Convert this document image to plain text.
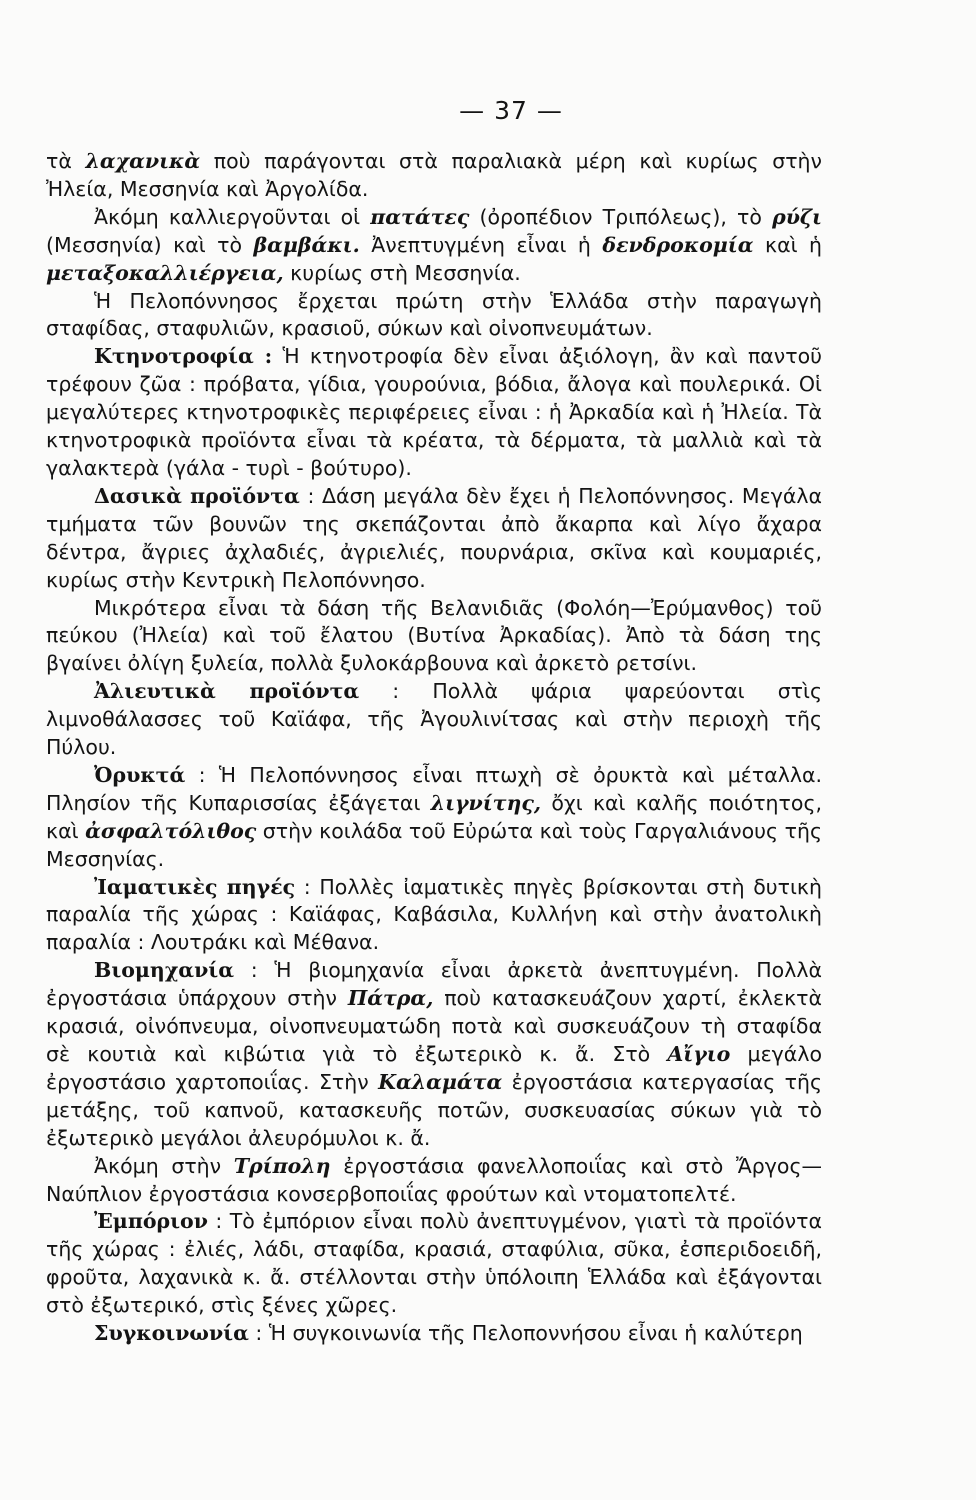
— 37 —

τὰ λαχανικὰ ποὺ παράγονται στὰ παραλιακὰ μέρη καὶ κυρίως στὴν Ἠλεία, Μεσσηνία καὶ Ἀργολίδα.

Ἀκόμη καλλιεργοῦνται οἱ πατάτες (ὀροπέδιον Τριπόλεως), τὸ ρύζι (Μεσσηνία) καὶ τὸ βαμβάκι. Ἀνεπτυγμένη εἶναι ἡ δενδροκομία καὶ ἡ μεταξοκαλλιέργεια, κυρίως στὴ Μεσσηνία.

Ἡ Πελοπόννησος ἔρχεται πρώτη στὴν Ἑλλάδα στὴν παραγωγὴ σταφίδας, σταφυλιῶν, κρασιοῦ, σύκων καὶ οἰνοπνευμάτων.

Κτηνοτροφία : Ἡ κτηνοτροφία δὲν εἶναι ἀξιόλογη, ἂν καὶ παντοῦ τρέφουν ζῶα : πρόβατα, γίδια, γουρούνια, βόδια, ἄλογα καὶ πουλερικά. Οἱ μεγαλύτερες κτηνοτροφικὲς περιφέρειες εἶναι : ἡ Ἀρκαδία καὶ ἡ Ἠλεία. Τὰ κτηνοτροφικὰ προϊόντα εἶναι τὰ κρέατα, τὰ δέρματα, τὰ μαλλιὰ καὶ τὰ γαλακτερὰ (γάλα - τυρὶ - βούτυρο).

Δασικὰ προϊόντα : Δάση μεγάλα δὲν ἔχει ἡ Πελοπόννησος. Μεγάλα τμήματα τῶν βουνῶν της σκεπάζονται ἀπὸ ἄκαρπα καὶ λίγο ἄχαρα δέντρα, ἄγριες ἀχλαδιές, ἀγριελιές, πουρνάρια, σκῖνα καὶ κουμαριές, κυρίως στὴν Κεντρικὴ Πελοπόννησο.

Μικρότερα εἶναι τὰ δάση τῆς Βελανιδιᾶς (Φολόη—Ἐρύμανθος) τοῦ πεύκου (Ἠλεία) καὶ τοῦ ἔλατου (Βυτίνα Ἀρκαδίας). Ἀπὸ τὰ δάση της βγαίνει ὀλίγη ξυλεία, πολλὰ ξυλοκάρβουνα καὶ ἀρκετὸ ρετσίνι.

Ἀλιευτικὰ προϊόντα : Πολλὰ ψάρια ψαρεύονται στὶς λιμνοθάλασσες τοῦ Καϊάφα, τῆς Ἀγουλινίτσας καὶ στὴν περιοχὴ τῆς Πύλου.

Ὀρυκτά : Ἡ Πελοπόννησος εἶναι πτωχὴ σὲ ὀρυκτὰ καὶ μέταλλα. Πλησίον τῆς Κυπαρισσίας ἐξάγεται λιγνίτης, ὄχι καὶ καλῆς ποιότητος, καὶ ἀσφαλτόλιθος στὴν κοιλάδα τοῦ Εὐρώτα καὶ τοὺς Γαργαλιάνους τῆς Μεσσηνίας.

Ἰαματικὲς πηγές : Πολλὲς ἰαματικὲς πηγὲς βρίσκονται στὴ δυτικὴ παραλία τῆς χώρας : Καϊάφας, Καβάσιλα, Κυλλήνη καὶ στὴν ἀνατολικὴ παραλία : Λουτράκι καὶ Μέθανα.

Βιομηχανία : Ἡ βιομηχανία εἶναι ἀρκετὰ ἀνεπτυγμένη. Πολλὰ ἐργοστάσια ὑπάρχουν στὴν Πάτρα, ποὺ κατασκευάζουν χαρτί, ἐκλεκτὰ κρασιά, οἰνόπνευμα, οἰνοπνευματώδη ποτὰ καὶ συσκευάζουν τὴ σταφίδα σὲ κουτιὰ καὶ κιβώτια γιὰ τὸ ἐξωτερικὸ κ. ἄ. Στὸ Αἴγιο μεγάλο ἐργοστάσιο χαρτοποιΐας. Στὴν Καλαμάτα ἐργοστάσια κατεργασίας τῆς μετάξης, τοῦ καπνοῦ, κατασκευῆς ποτῶν, συσκευασίας σύκων γιὰ τὸ ἐξωτερικὸ μεγάλοι ἀλευρόμυλοι κ. ἄ.

Ἀκόμη στὴν Τρίπολη ἐργοστάσια φανελλοποιΐας καὶ στὸ Ἄργος—Ναύπλιον ἐργοστάσια κονσερβοποιΐας φρούτων καὶ ντοματοπελτέ.

Ἐμπόριον : Τὸ ἐμπόριον εἶναι πολὺ ἀνεπτυγμένον, γιατὶ τὰ προϊόντα τῆς χώρας : ἐλιές, λάδι, σταφίδα, κρασιά, σταφύλια, σῦκα, ἐσπεριδοειδῆ, φροῦτα, λαχανικὰ κ. ἄ. στέλλονται στὴν ὑπόλοιπη Ἑλλάδα καὶ ἐξάγονται στὸ ἐξωτερικό, στὶς ξένες χῶρες.

Συγκοινωνία : Ἡ συγκοινωνία τῆς Πελοποννήσου εἶναι ἡ καλύτερη
